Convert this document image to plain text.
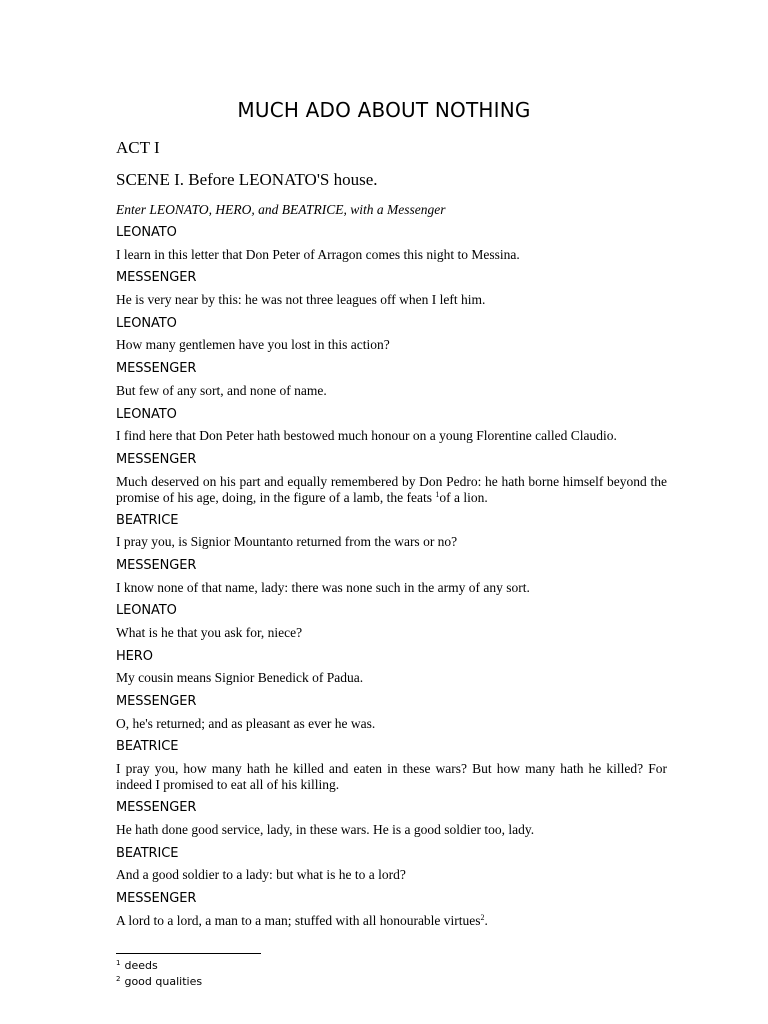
MUCH ADO ABOUT NOTHING
ACT I
SCENE I. Before LEONATO'S house.
Enter LEONATO, HERO, and BEATRICE, with a Messenger
LEONATO
I learn in this letter that Don Peter of Arragon comes this night to Messina.
MESSENGER
He is very near by this: he was not three leagues off when I left him.
LEONATO
How many gentlemen have you lost in this action?
MESSENGER
But few of any sort, and none of name.
LEONATO
I find here that Don Peter hath bestowed much honour on a young Florentine called Claudio.
MESSENGER
Much deserved on his part and equally remembered by Don Pedro: he hath borne himself beyond the promise of his age, doing, in the figure of a lamb, the feats $^1$of a lion.
BEATRICE
I pray you, is Signior Mountanto returned from the wars or no?
MESSENGER
I know none of that name, lady: there was none such in the army of any sort.
LEONATO
What is he that you ask for, niece?
HERO
My cousin means Signior Benedick of Padua.
MESSENGER
O, he's returned; and as pleasant as ever he was.
BEATRICE
I pray you, how many hath he killed and eaten in these wars? But how many hath he killed? For indeed I promised to eat all of his killing.
MESSENGER
He hath done good service, lady, in these wars. He is a good soldier too, lady.
BEATRICE
And a good soldier to a lady: but what is he to a lord?
MESSENGER
A lord to a lord, a man to a man; stuffed with all honourable virtues$^2$.
$^1$ deeds
$^2$ good qualities
